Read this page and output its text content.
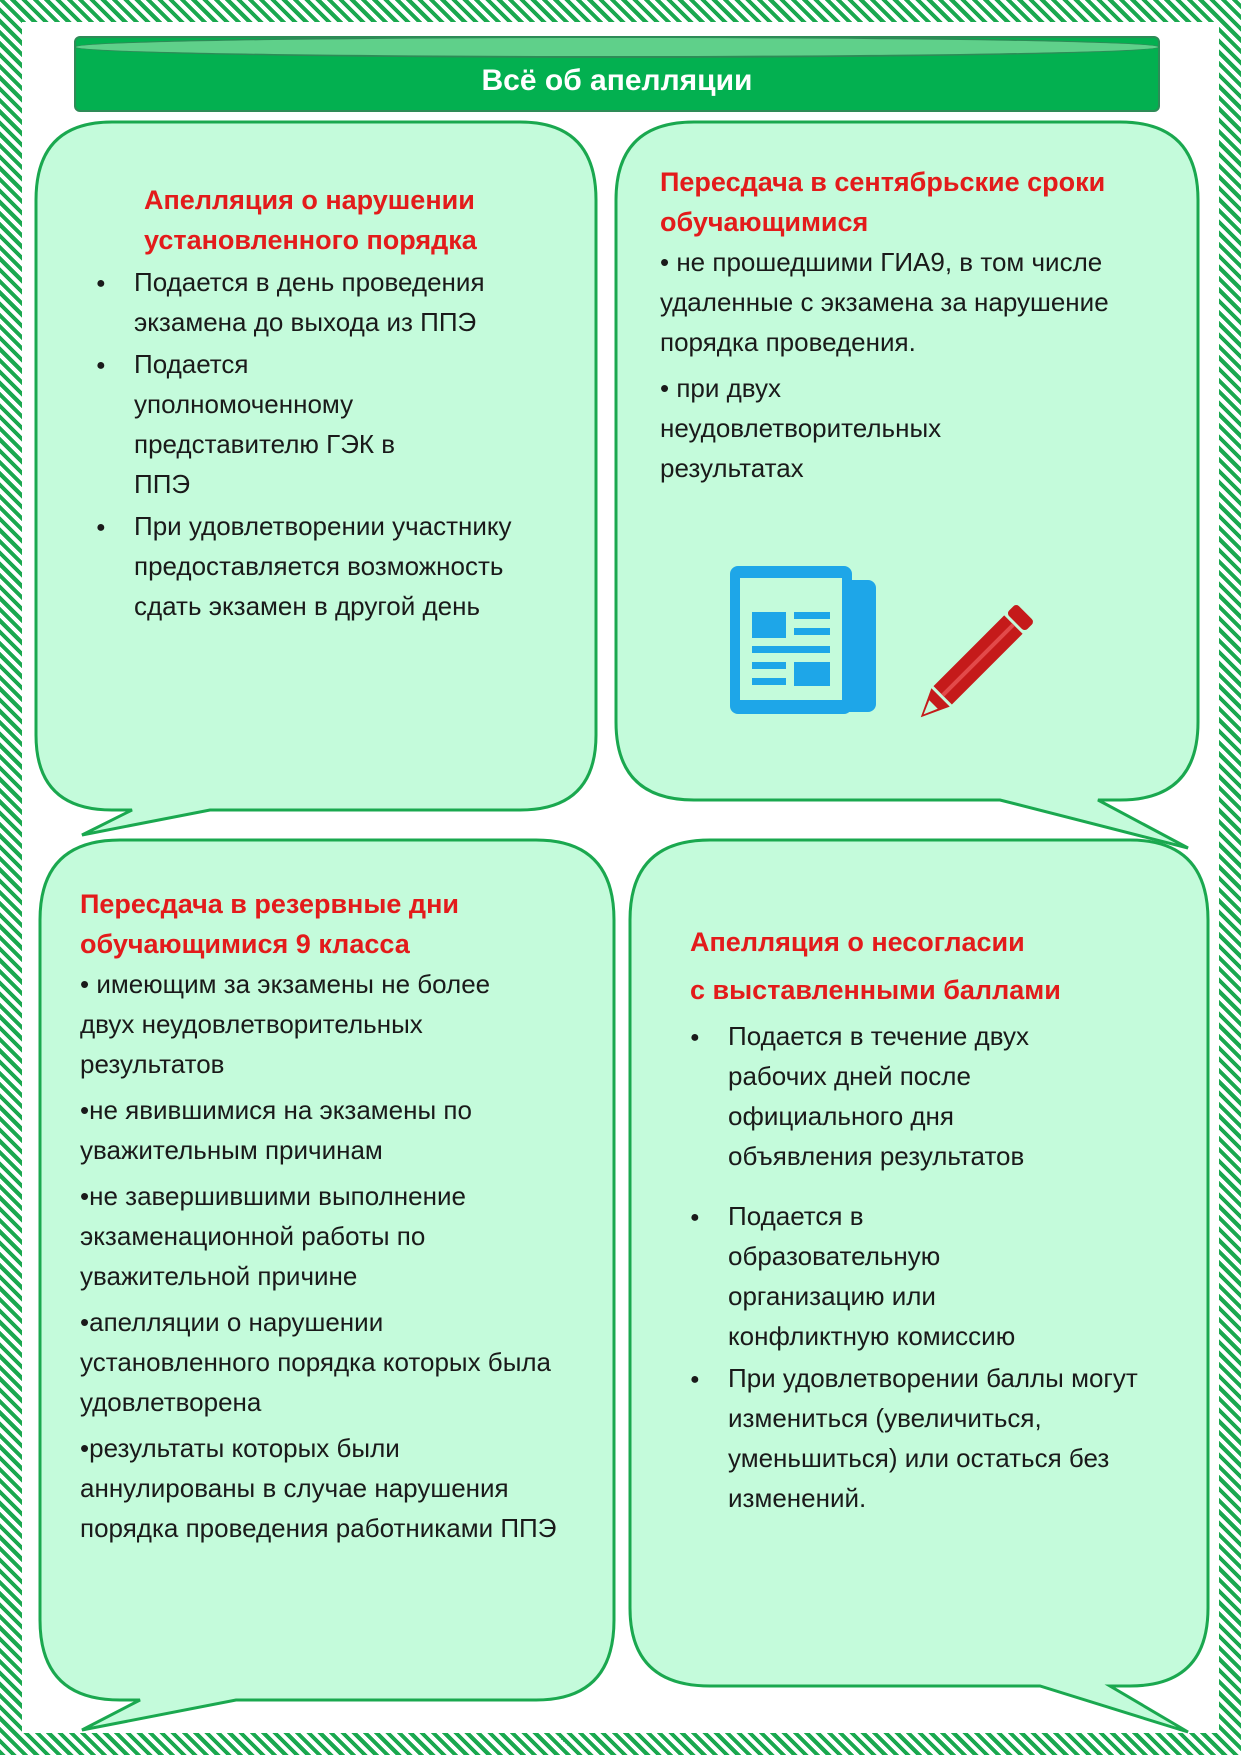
Всё об апелляции
Апелляция о нарушении
установленного порядка
●
Подается в день проведения экзамена до выхода из ППЭ
●
Подается уполномоченному представителю ГЭК в ППЭ
●
При удовлетворении участнику предоставляется возможность сдать экзамен в другой день
Пересдача в сентябрьские сроки обучающимися

• не прошедшими ГИА9, в том числе удаленные с экзамена за нарушение порядка проведения.

• при двух неудовлетворительных результатах

Пересдача в резервные дни обучающимися 9 класса

• имеющим за экзамены не более двух неудовлетворительных результатов

•не явившимися на экзамены по уважительным причинам

•не завершившими выполнение экзаменационной работы по уважительной причине

•апелляции о нарушении установленного порядка которых была удовлетворена

•результаты которых были аннулированы в случае нарушения порядка проведения работниками ППЭ

Апелляция о несогласии
с выставленными баллами
●
Подается в течение двух рабочих дней после официального дня объявления результатов
●
Подается в образовательную организацию или конфликтную комиссию
●
При удовлетворении баллы могут измениться (увеличиться, уменьшиться) или остаться без изменений.
